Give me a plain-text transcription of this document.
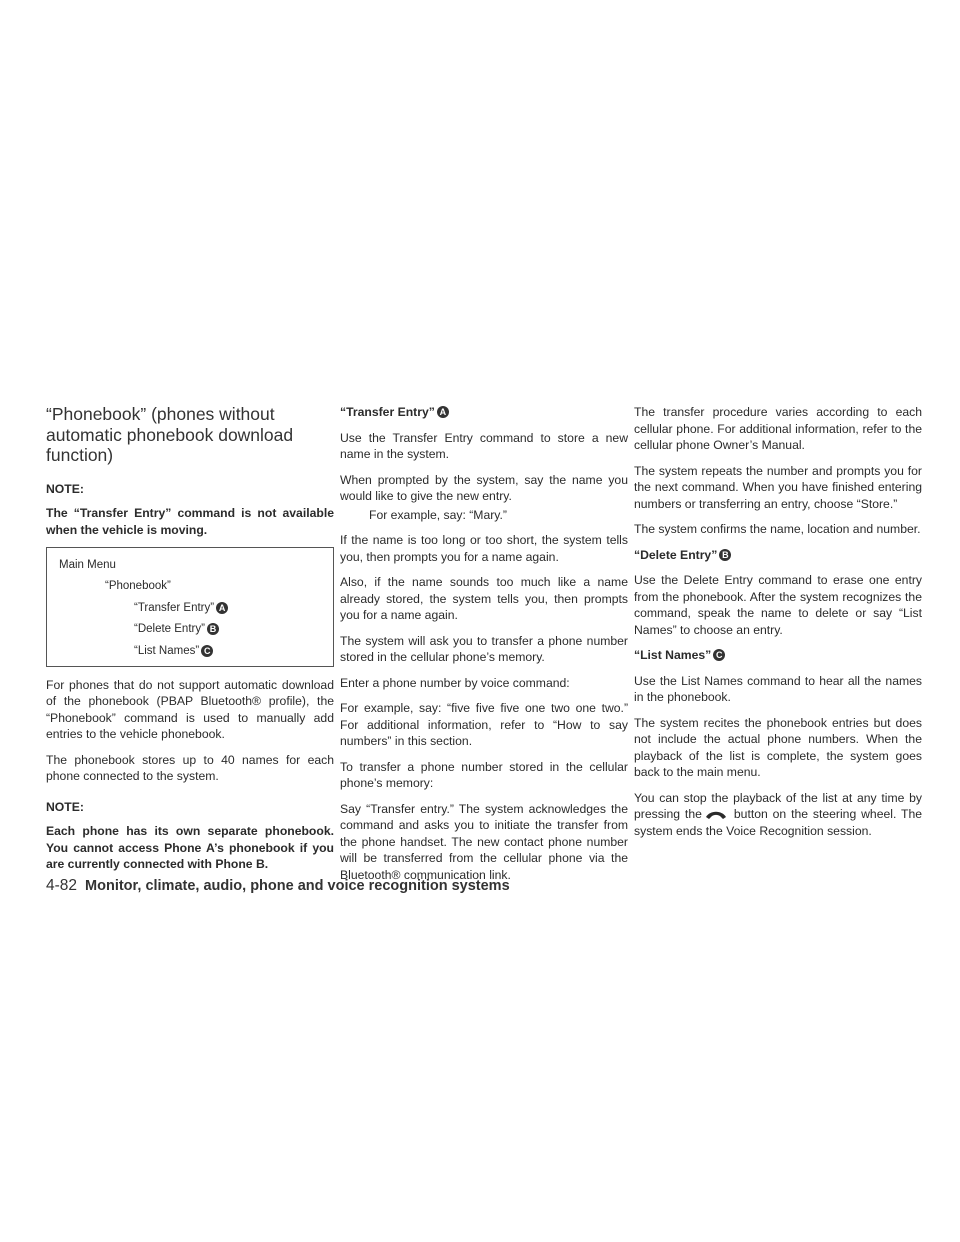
“Phonebook” (phones without automatic phonebook download function)
NOTE:

The “Transfer Entry” command is not available when the vehicle is moving.

Main Menu
“Phonebook”
“Transfer Entry” A
“Delete Entry” B
“List Names” C

For phones that do not support automatic download of the phonebook (PBAP Bluetooth® profile), the “Phonebook” command is used to manually add entries to the vehicle phonebook.

The phonebook stores up to 40 names for each phone connected to the system.

NOTE:

Each phone has its own separate phonebook. You cannot access Phone A’s phonebook if you are currently connected with Phone B.

“Transfer Entry” A

Use the Transfer Entry command to store a new name in the system.

When prompted by the system, say the name you would like to give the new entry.

For example, say: “Mary.”

If the name is too long or too short, the system tells you, then prompts you for a name again.

Also, if the name sounds too much like a name already stored, the system tells you, then prompts you for a name again.

The system will ask you to transfer a phone number stored in the cellular phone’s memory.

Enter a phone number by voice command:

For example, say: “five five five one two one two.” For additional information, refer to “How to say numbers” in this section.

To transfer a phone number stored in the cellular phone’s memory:

Say “Transfer entry.” The system acknowledges the command and asks you to initiate the transfer from the phone handset. The new contact phone number will be transferred from the cellular phone via the Bluetooth® communication link.

The transfer procedure varies according to each cellular phone. For additional information, refer to the cellular phone Owner’s Manual.

The system repeats the number and prompts you for the next command. When you have finished entering numbers or transferring an entry, choose “Store.”

The system confirms the name, location and number.

“Delete Entry” B

Use the Delete Entry command to erase one entry from the phonebook. After the system recognizes the command, speak the name to delete or say “List Names” to choose an entry.

“List Names” C

Use the List Names command to hear all the names in the phonebook.

The system recites the phonebook entries but does not include the actual phone numbers. When the playback of the list is complete, the system goes back to the main menu.

You can stop the playback of the list at any time by pressing the	button on the steering wheel. The system ends the Voice Recognition session.

4-82 Monitor, climate, audio, phone and voice recognition systems
